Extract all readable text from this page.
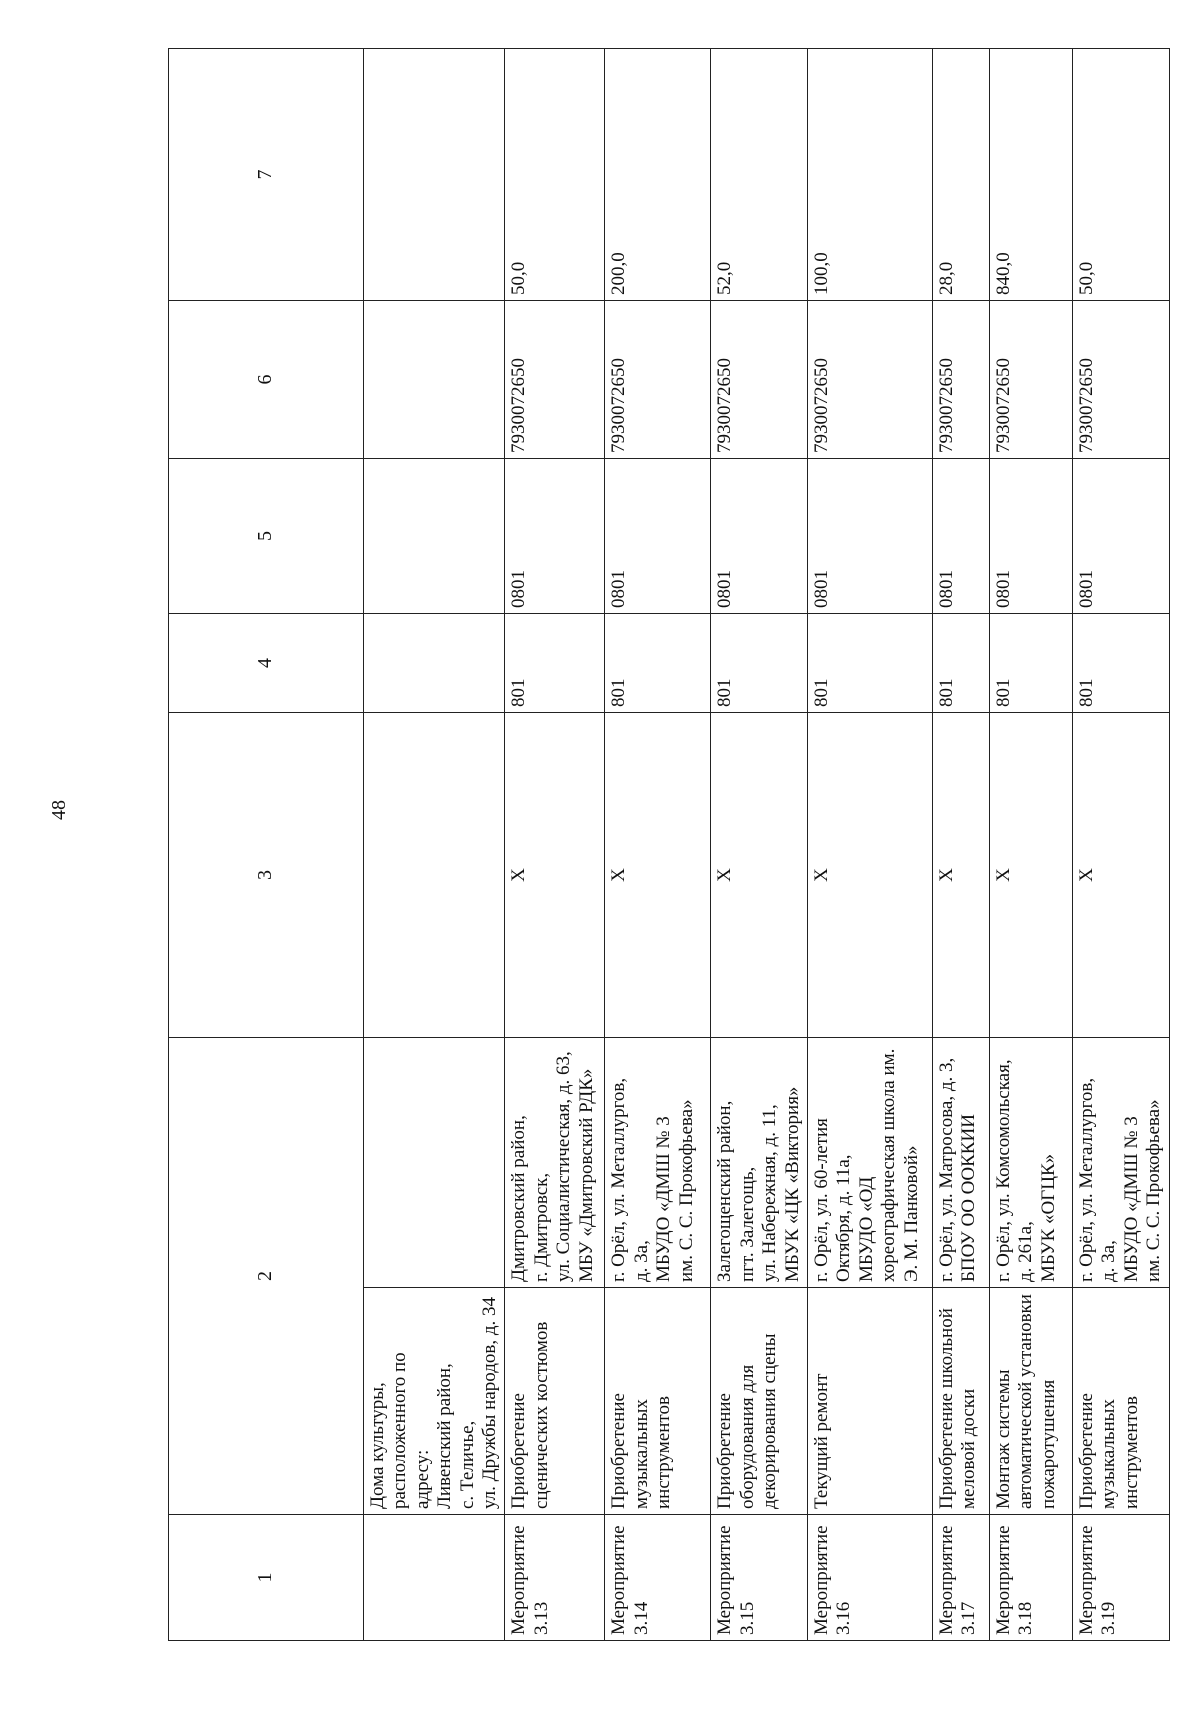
48
1	2		3	4	5	6	7

	Дома культуры, расположенного по адресу: Ливенский район, с. Теличье, ул. Дружбы народов, д. 34						

Мероприятие 3.13	Приобретение сценических костюмов	Дмитровский район, г. Дмитровск, ул. Социалистическая, д. 63, МБУ «Дмитровский РДК»	Х	801	0801	7930072650	50,0
Мероприятие 3.14	Приобретение музыкальных инструментов	г. Орёл, ул. Металлургов, д. 3а, МБУДО «ДМШ № 3 им. С. С. Прокофьева»	Х	801	0801	7930072650	200,0
Мероприятие 3.15	Приобретение оборудования для декорирования сцены	Залегощенский район, пгт. Залегощь, ул. Набережная, д. 11, МБУК «ЦК «Виктория»	Х	801	0801	7930072650	52,0
Мероприятие 3.16	Текущий ремонт	г. Орёл, ул. 60-летия Октября, д. 11а, МБУДО «ОД хореографическая школа им. Э. М. Панковой»	Х	801	0801	7930072650	100,0
Мероприятие 3.17	Приобретение школьной меловой доски	г. Орёл, ул. Матросова, д. 3, БПОУ ОО ООККИИ	Х	801	0801	7930072650	28,0
Мероприятие 3.18	Монтаж системы автоматической установки пожаротушения	г. Орёл, ул. Комсомольская, д. 261а, МБУК «ОГЦК»	Х	801	0801	7930072650	840,0
Мероприятие 3.19	Приобретение музыкальных инструментов	г. Орёл, ул. Металлургов, д. 3а, МБУДО «ДМШ № 3 им. С. С. Прокофьева»	Х	801	0801	7930072650	50,0
